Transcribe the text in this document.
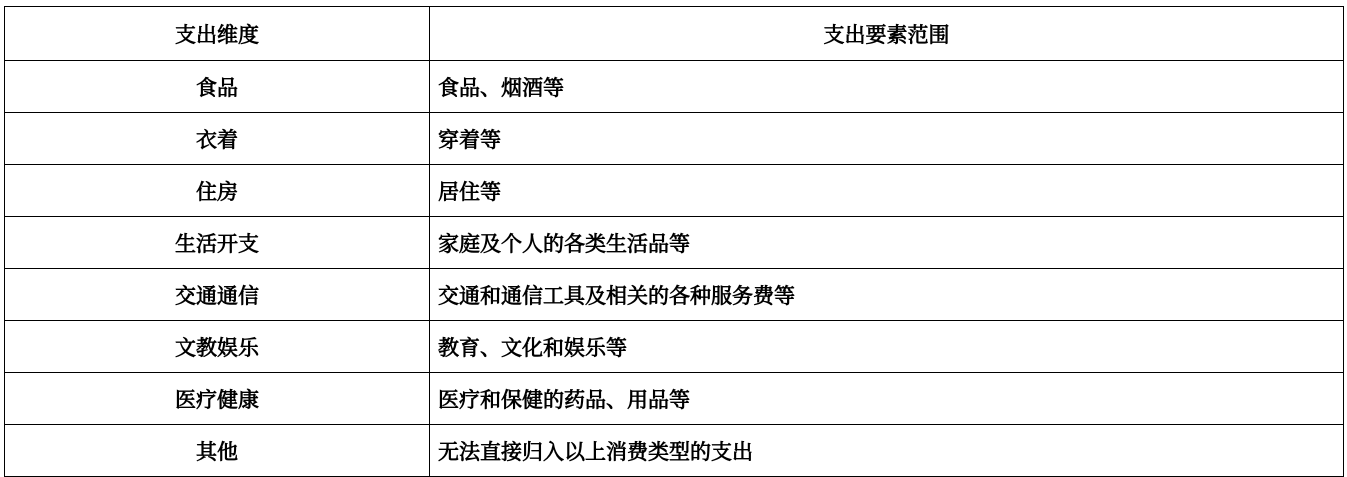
支出维度	支出要素范围
食品	食品、烟酒等
衣着	穿着等
住房	居住等
生活开支	家庭及个人的各类生活品等
交通通信	交通和通信工具及相关的各种服务费等
文教娱乐	教育、文化和娱乐等
医疗健康	医疗和保健的药品、用品等
其他	无法直接归入以上消费类型的支出
